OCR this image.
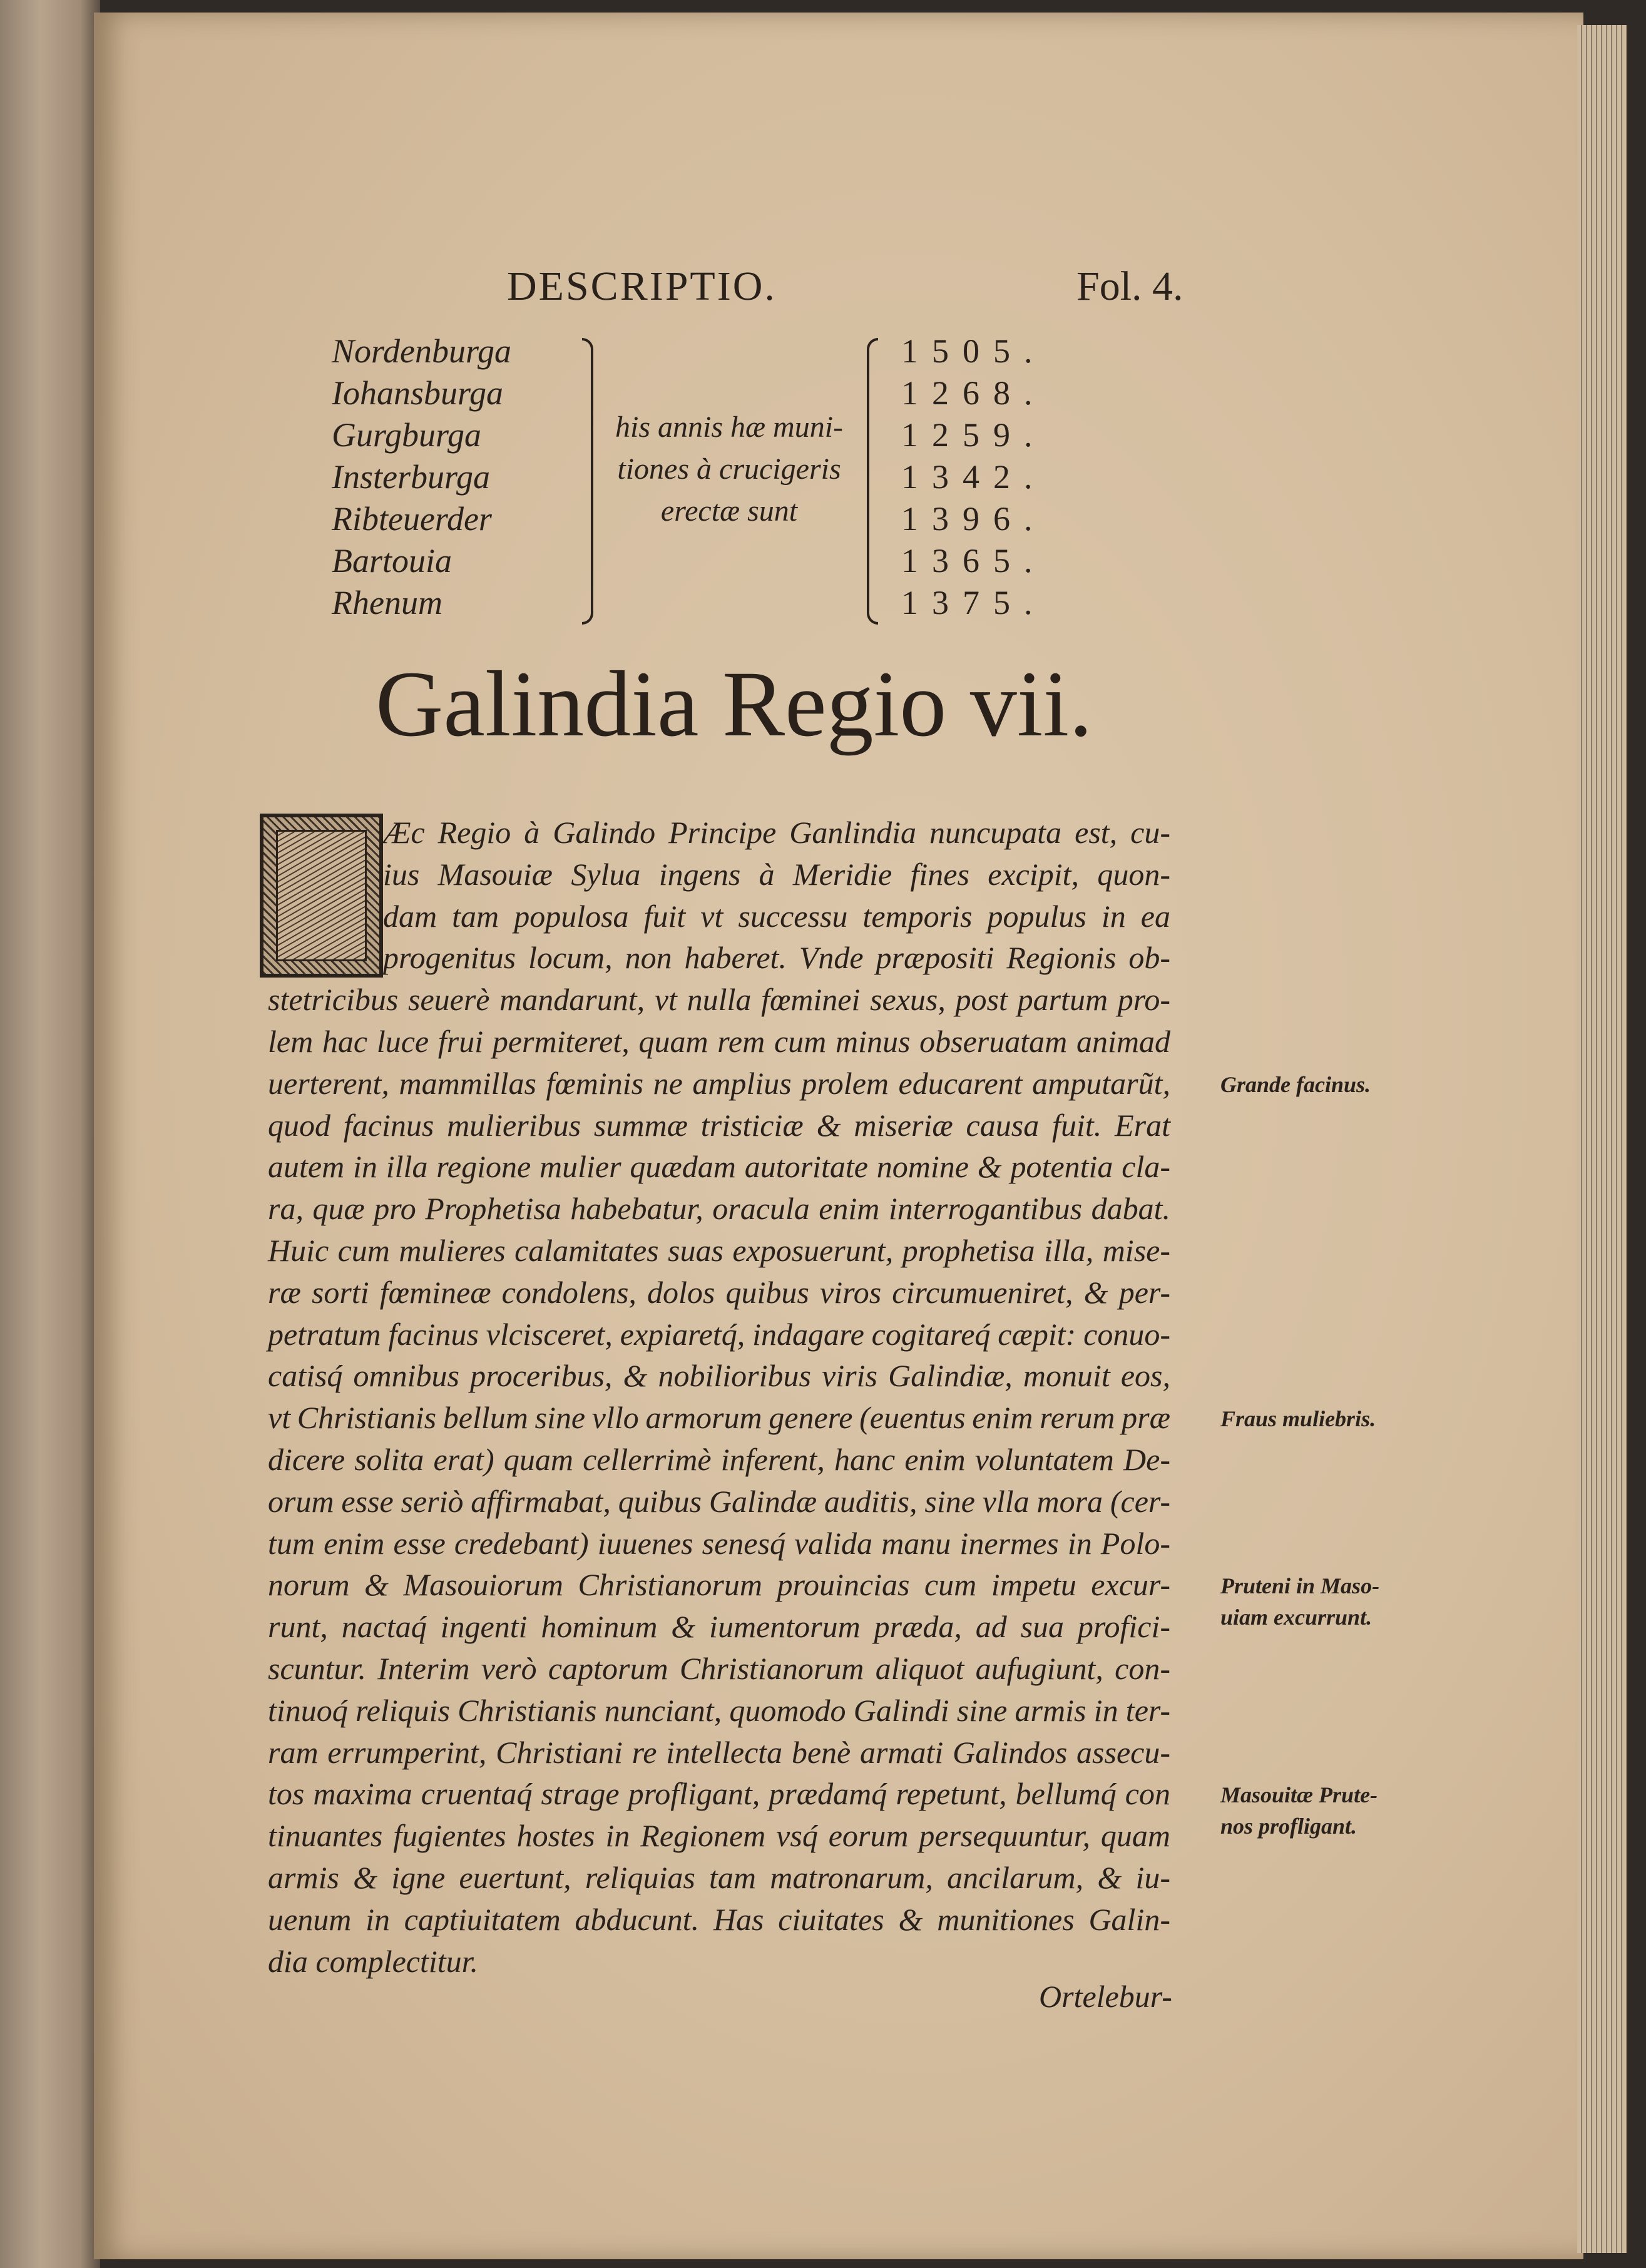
DESCRIPTIO.	Fol. 4.
Nordenburga	1505.
Iohansburga	1268.
Gurgburga	1259.
Insterburga	1342.
Ribteuerder	1396.
Bartouia	1365.
Rhenum	1375.
his annis hæ muni-
tiones à crucigeris
erectæ sunt
Galindia Regio vii.
Æc Regio à Galindo Principe Ganlindia nuncupata est, cu-
ius Masouiæ Sylua ingens à Meridie fines excipit, quon-
dam tam populosa fuit vt successu temporis populus in ea
progenitus locum, non haberet. Vnde præpositi Regionis ob-
stetricibus seuerè mandarunt, vt nulla fœminei sexus, post partum pro-
lem hac luce frui permiteret, quam rem cum minus obseruatam animad
uerterent, mammillas fœminis ne amplius prolem educarent amputarũt,
quod facinus mulieribus summæ tristiciæ & miseriæ causa fuit. Erat
autem in illa regione mulier quædam autoritate nomine & potentia cla-
ra, quæ pro Prophetisa habebatur, oracula enim interrogantibus dabat.
Huic cum mulieres calamitates suas exposuerunt, prophetisa illa, mise-
ræ sorti fœmineæ condolens, dolos quibus viros circumueniret, & per-
petratum facinus vlcisceret, expiaretq́, indagare cogitareq́ cæpit: conuo-
catisq́ omnibus proceribus, & nobilioribus viris Galindiæ, monuit eos,
vt Christianis bellum sine vllo armorum genere (euentus enim rerum præ
dicere solita erat) quam cellerrimè inferent, hanc enim voluntatem De-
orum esse seriò affirmabat, quibus Galindæ auditis, sine vlla mora (cer-
tum enim esse credebant) iuuenes senesq́ valida manu inermes in Polo-
norum & Masouiorum Christianorum prouincias cum impetu excur-
runt, nactaq́ ingenti hominum & iumentorum præda, ad sua profici-
scuntur. Interim verò captorum Christianorum aliquot aufugiunt, con-
tinuoq́ reliquis Christianis nunciant, quomodo Galindi sine armis in ter-
ram errumperint, Christiani re intellecta benè armati Galindos assecu-
tos maxima cruentaq́ strage profligant, prædamq́ repetunt, bellumq́ con
tinuantes fugientes hostes in Regionem vsq́ eorum persequuntur, quam
armis & igne euertunt, reliquias tam matronarum, ancilarum, & iu-
uenum in captiuitatem abducunt. Has ciuitates & munitiones Galin-
dia complectitur.
Ortelebur-
Grande facinus.
Fraus muliebris.
Pruteni in Maso-
uiam excurrunt.
Masouitæ Prute-
nos profligant.
